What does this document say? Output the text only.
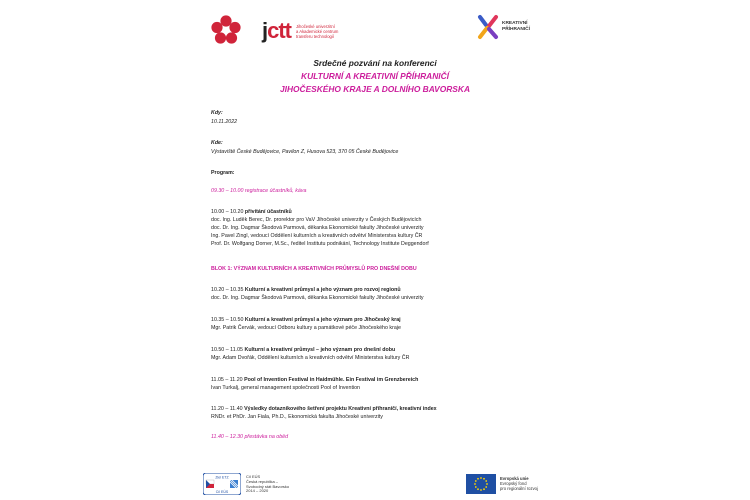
jctt Jihočeské univerzitní
a Akademické centrum
transferu technologií
KREATIVNÍ
PŘÍHRANIČÍ
Srdečné pozvání na konferenci
KULTURNÍ A KREATIVNÍ PŘÍHRANIČÍ
JIHOČESKÉHO KRAJE A DOLNÍHO BAVORSKA
Kdy:
10.11.2022
Kde:
Výstaviště České Budějovice, Pavilon Z, Husova 523, 370 05 České Budějovice
Program:
09.30 – 10.00 registrace účastníků, káva
10.00 – 10.20 přivítání účastníků
doc. Ing. Luděk Berec, Dr. prorektor pro VaV Jihočeské univerzity v Českých Budějovicích
doc. Dr. Ing. Dagmar Škodová Parmová, děkanka Ekonomické fakulty Jihočeské univerzity
Ing. Pavel Zingl, vedoucí Oddělení kulturních a kreativních odvětví Ministerstva kultury ČR
Prof. Dr. Wolfgang Dorner, M.Sc., ředitel Institutu podnikání, Technology Institute Deggendorf
BLOK 1: VÝZNAM KULTURNÍCH A KREATIVNÍCH PRŮMYSLŮ PRO DNEŠNÍ DOBU
10.20 – 10.35 Kulturní a kreativní průmysl a jeho význam pro rozvoj regionů
doc. Dr. Ing. Dagmar Škodová Parmová, děkanka Ekonomické fakulty Jihočeské univerzity
10.35 – 10.50 Kulturní a kreativní průmysl a jeho význam pro Jihočeský kraj
Mgr. Patrik Červák, vedoucí Odboru kultury a památkové péče Jihočeského kraje
10.50 – 11.05 Kulturní a kreativní průmysl – jeho význam pro dnešní dobu
Mgr. Adam Dvořák, Oddělení kulturních a kreativních odvětví Ministerstva kultury ČR
11.05 – 11.20 Pool of Invention Festival in Haidmühle. Ein Festival im Grenzbereich
Ivan Turkalj, general management společnosti Pool of Invention
11.20 – 11.40 Výsledky dotazníkového šetření projektu Kreativní příhraničí, kreativní index
RNDr. et PhDr. Jan Fiala, Ph.D., Ekonomická fakulta Jihočeské univerzity
11.40 – 12.30 přestávka na oběd
Ziel ETZ
Cíl EÚS
Cíl EÚS
Česká republika –
Svobodný stát Bavorsko
2014 – 2020
Evropská unie
Evropský fond
pro regionální rozvoj
